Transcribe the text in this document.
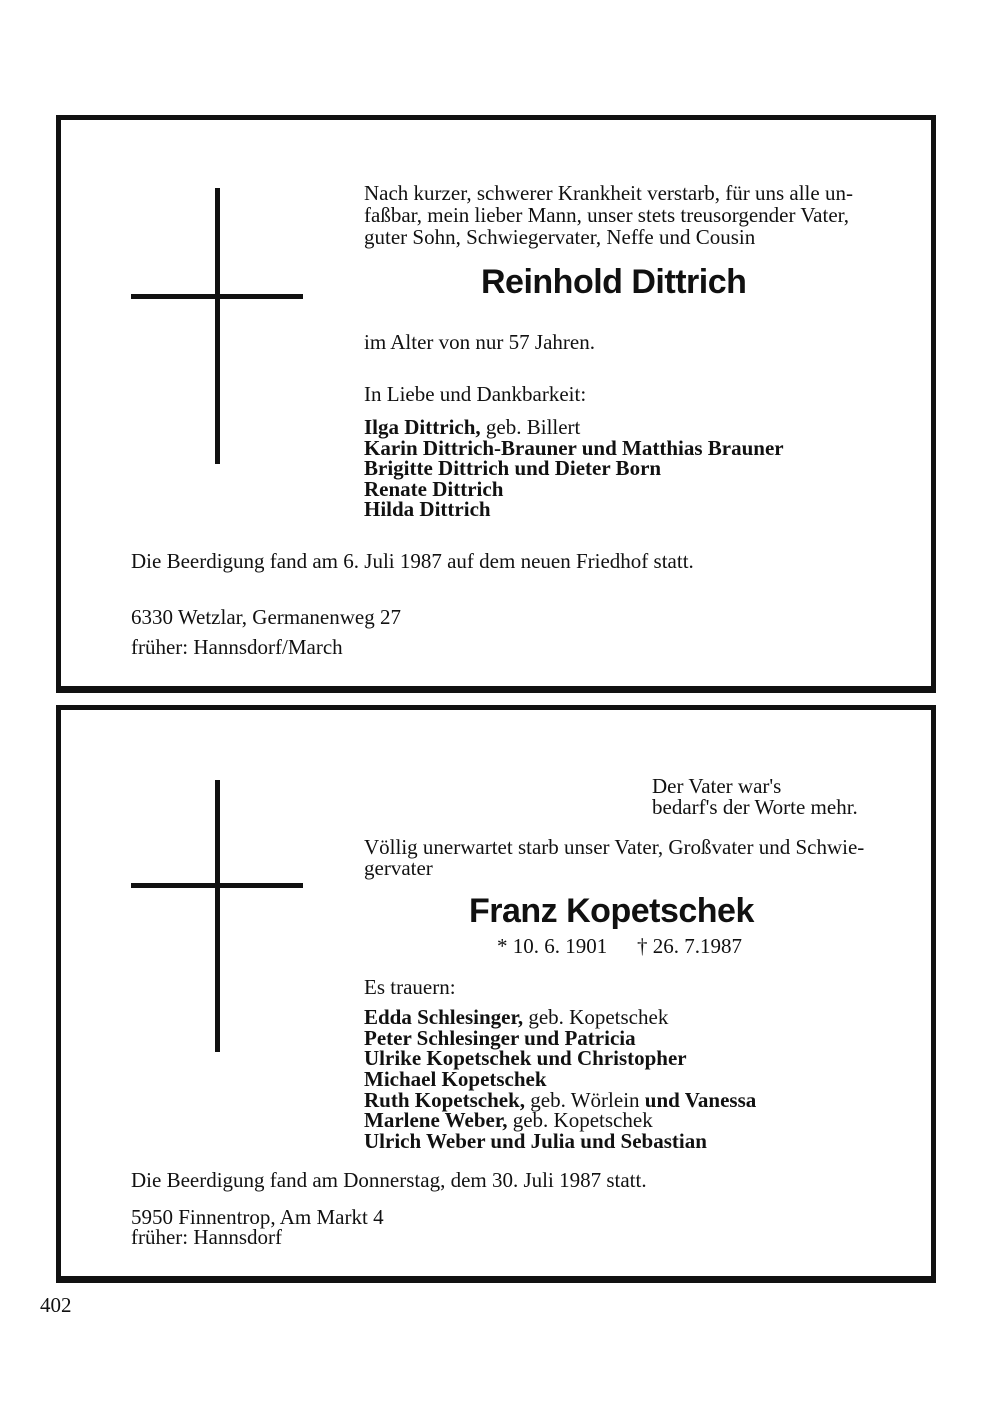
Nach kurzer, schwerer Krankheit verstarb, für uns alle un-
faßbar, mein lieber Mann, unser stets treusorgender Vater,
guter Sohn, Schwiegervater, Neffe und Cousin
Reinhold Dittrich
im Alter von nur 57 Jahren.
In Liebe und Dankbarkeit:
Ilga Dittrich, geb. Billert
Karin Dittrich-Brauner und Matthias Brauner
Brigitte Dittrich und Dieter Born
Renate Dittrich
Hilda Dittrich
Die Beerdigung fand am 6. Juli 1987 auf dem neuen Friedhof statt.
6330 Wetzlar, Germanenweg 27
früher: Hannsdorf/March
Der Vater war's
bedarf's der Worte mehr.
Völlig unerwartet starb unser Vater, Großvater und Schwie-
gervater
Franz Kopetschek
* 10. 6. 1901 † 26. 7.1987
Es trauern:
Edda Schlesinger, geb. Kopetschek
Peter Schlesinger und Patricia
Ulrike Kopetschek und Christopher
Michael Kopetschek
Ruth Kopetschek, geb. Wörlein und Vanessa
Marlene Weber, geb. Kopetschek
Ulrich Weber und Julia und Sebastian
Die Beerdigung fand am Donnerstag, dem 30. Juli 1987 statt.
5950 Finnentrop, Am Markt 4
früher: Hannsdorf
402
